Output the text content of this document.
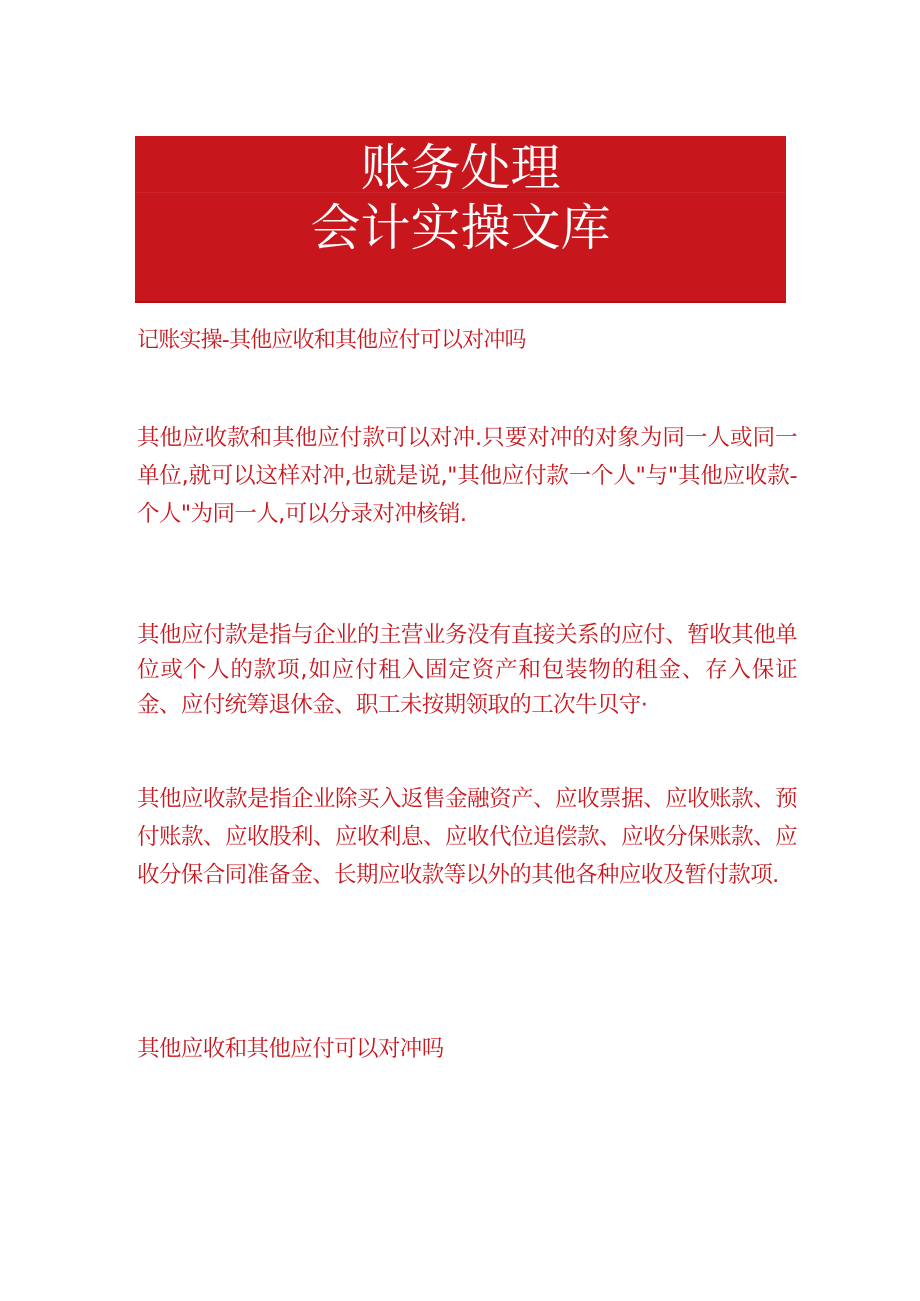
账务处理
会计实操文库

记账实操-其他应收和其他应付可以对冲吗

其他应收款和其他应付款可以对冲.只要对冲的对象为同一人或同一单位,就可以这样对冲,也就是说,"其他应付款一个人"与"其他应收款-个人"为同一人,可以分录对冲核销.

其他应付款是指与企业的主营业务没有直接关系的应付、暂收其他单位或个人的款项,如应付租入固定资产和包装物的租金、存入保证金、应付统筹退休金、职工未按期领取的工次牛贝守·

其他应收款是指企业除买入返售金融资产、应收票据、应收账款、预付账款、应收股利、应收利息、应收代位追偿款、应收分保账款、应收分保合同准备金、长期应收款等以外的其他各种应收及暂付款项.

其他应收和其他应付可以对冲吗
